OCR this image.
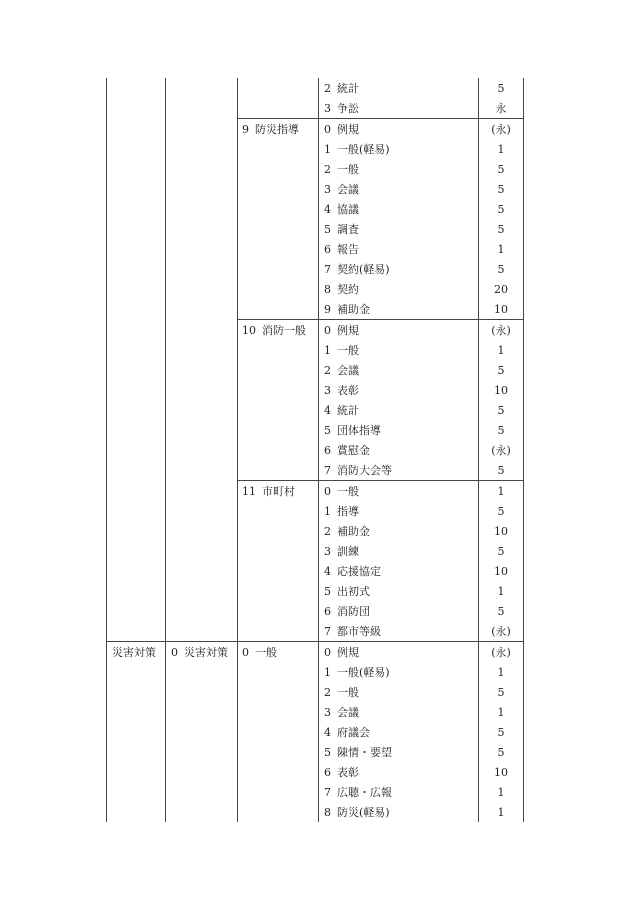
			2 統計	5
			3 争訟	永
		9 防災指導	0 例規	(永)
			1 一般(軽易)	1
			2 一般	5
			3 会議	5
			4 協議	5
			5 調査	5
			6 報告	1
			7 契約(軽易)	5
			8 契約	20
			9 補助金	10
		10 消防一般	0 例規	(永)
			1 一般	1
			2 会議	5
			3 表彰	10
			4 統計	5
			5 団体指導	5
			6 賞慰金	(永)
			7 消防大会等	5
		11 市町村	0 一般	1
			1 指導	5
			2 補助金	10
			3 訓練	5
			4 応援協定	10
			5 出初式	1
			6 消防団	5
			7 都市等級	(永)
災害対策	0 災害対策	0 一般	0 例規	(永)
			1 一般(軽易)	1
			2 一般	5
			3 会議	1
			4 府議会	5
			5 陳情・要望	5
			6 表彰	10
			7 広聴・広報	1
			8 防災(軽易)	1
